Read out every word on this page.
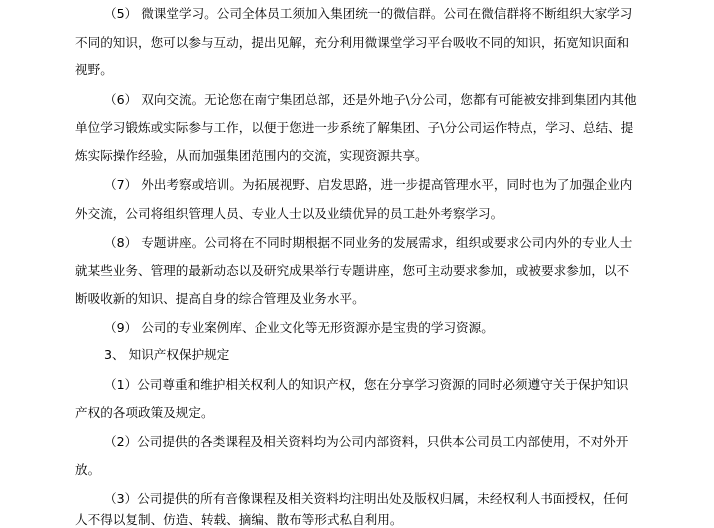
（5） 微课堂学习。公司全体员工须加入集团统一的微信群。公司在微信群将不断组织大家学习
不同的知识，您可以参与互动，提出见解，充分利用微课堂学习平台吸收不同的知识，拓宽知识面和
视野。
（6） 双向交流。无论您在南宁集团总部，还是外地子\分公司，您都有可能被安排到集团内其他
单位学习锻炼或实际参与工作，以便于您进一步系统了解集团、子\分公司运作特点，学习、总结、提
炼实际操作经验，从而加强集团范围内的交流，实现资源共享。
（7） 外出考察或培训。为拓展视野、启发思路，进一步提高管理水平，同时也为了加强企业内
外交流，公司将组织管理人员、专业人士以及业绩优异的员工赴外考察学习。
（8） 专题讲座。公司将在不同时期根据不同业务的发展需求，组织或要求公司内外的专业人士
就某些业务、管理的最新动态以及研究成果举行专题讲座，您可主动要求参加，或被要求参加，以不
断吸收新的知识、提高自身的综合管理及业务水平。
（9） 公司的专业案例库、企业文化等无形资源亦是宝贵的学习资源。
3、 知识产权保护规定
（1）公司尊重和维护相关权利人的知识产权，您在分享学习资源的同时必须遵守关于保护知识
产权的各项政策及规定。
（2）公司提供的各类课程及相关资料均为公司内部资料，只供本公司员工内部使用，不对外开
放。
（3）公司提供的所有音像课程及相关资料均注明出处及版权归属，未经权利人书面授权，任何
人不得以复制、仿造、转载、摘编、散布等形式私自利用。
